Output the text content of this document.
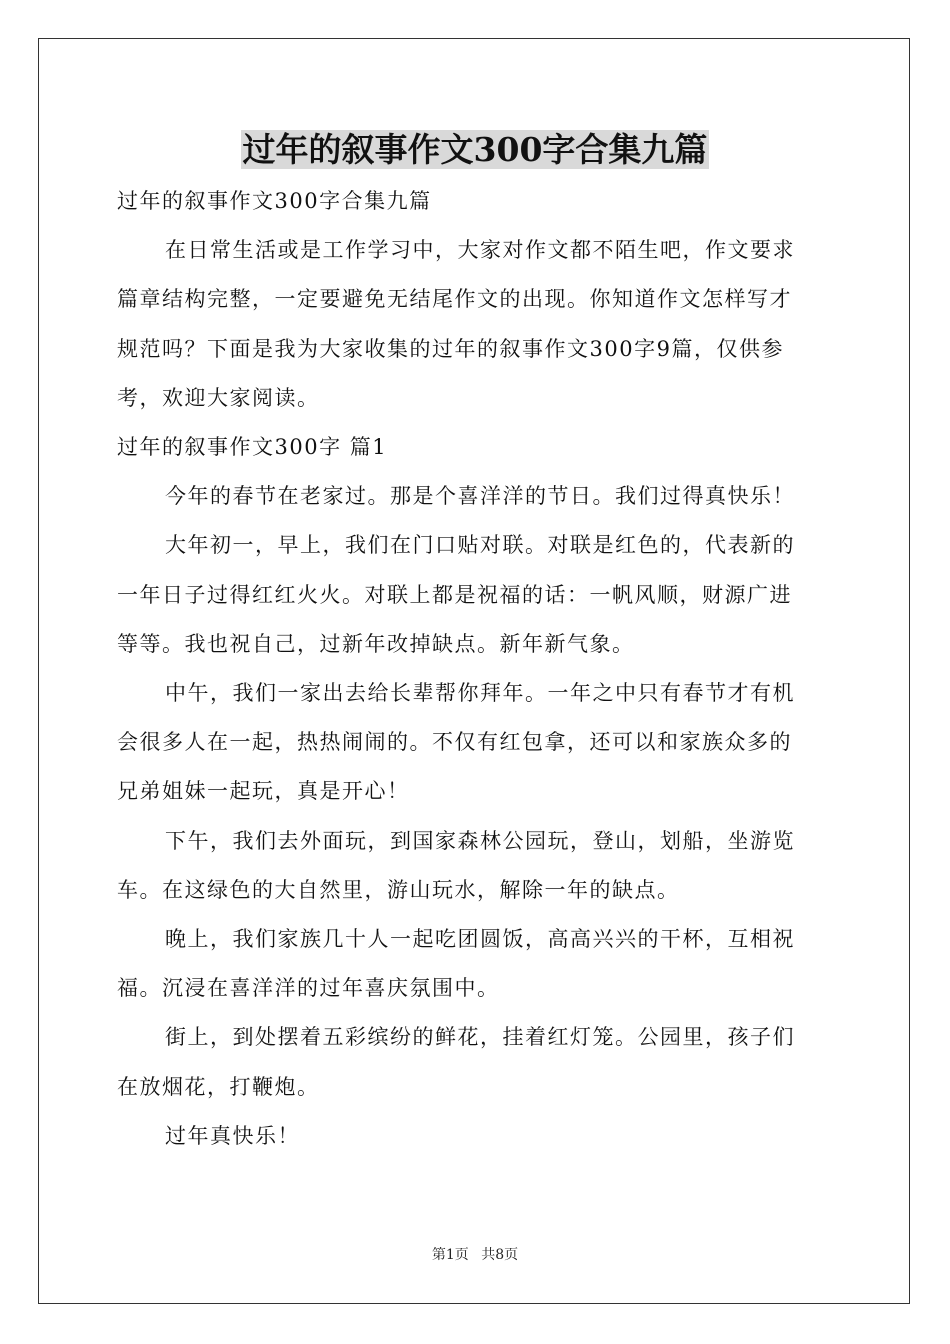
过年的叙事作文300字合集九篇

过年的叙事作文300字合集九篇

在日常生活或是工作学习中，大家对作文都不陌生吧，作文要求

篇章结构完整，一定要避免无结尾作文的出现。你知道作文怎样写才

规范吗？下面是我为大家收集的过年的叙事作文300字9篇，仅供参

考，欢迎大家阅读。

过年的叙事作文300字 篇1

今年的春节在老家过。那是个喜洋洋的节日。我们过得真快乐！

大年初一，早上，我们在门口贴对联。对联是红色的，代表新的

一年日子过得红红火火。对联上都是祝福的话：一帆风顺，财源广进

等等。我也祝自己，过新年改掉缺点。新年新气象。

中午，我们一家出去给长辈帮你拜年。一年之中只有春节才有机

会很多人在一起，热热闹闹的。不仅有红包拿，还可以和家族众多的

兄弟姐妹一起玩，真是开心！

下午，我们去外面玩，到国家森林公园玩，登山，划船，坐游览

车。在这绿色的大自然里，游山玩水，解除一年的缺点。

晚上，我们家族几十人一起吃团圆饭，高高兴兴的干杯，互相祝

福。沉浸在喜洋洋的过年喜庆氛围中。

街上，到处摆着五彩缤纷的鲜花，挂着红灯笼。公园里，孩子们

在放烟花，打鞭炮。

过年真快乐！

第1页 共8页
